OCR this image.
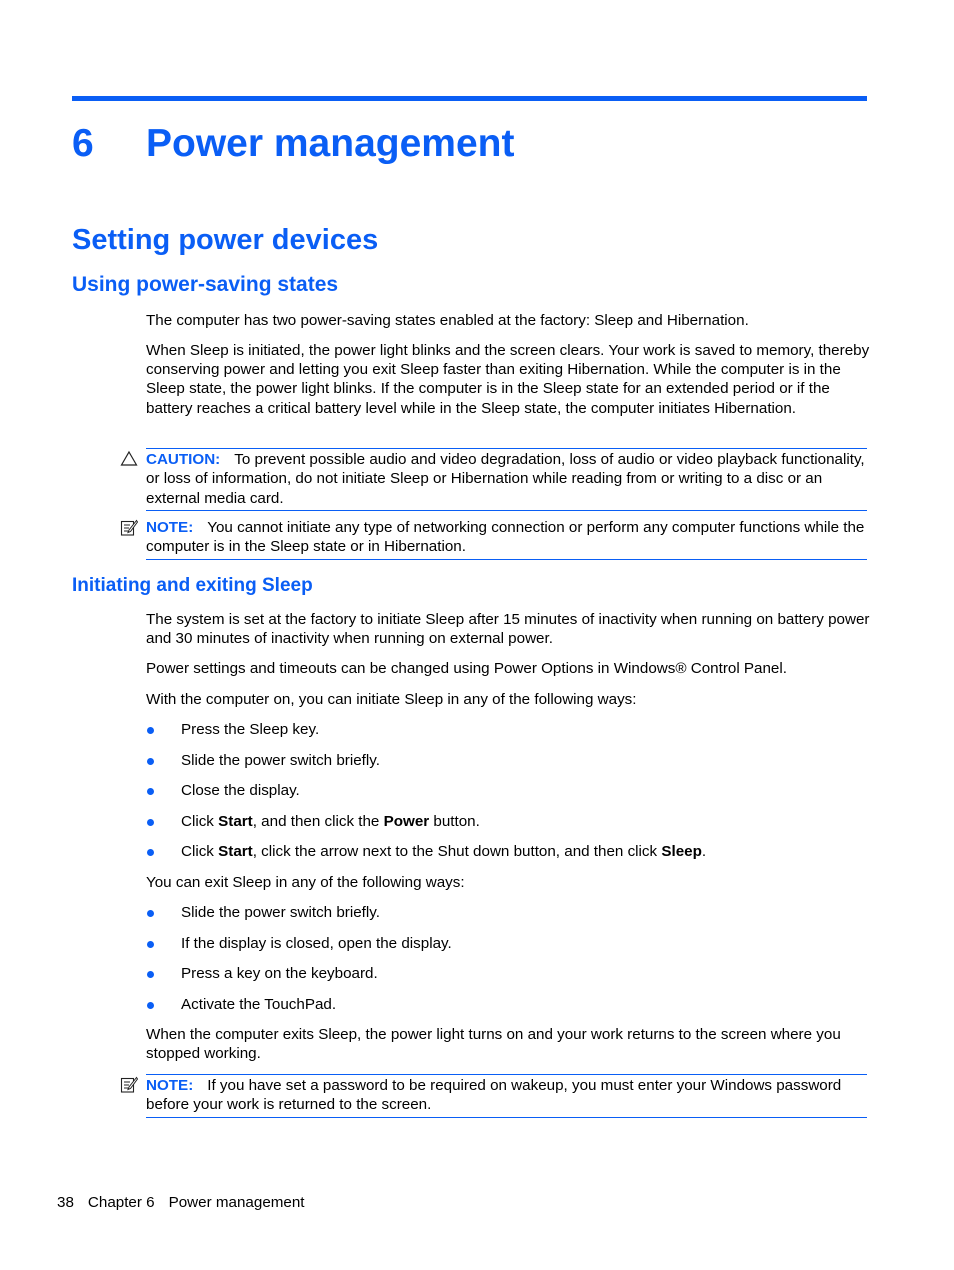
6 Power management
Setting power devices
Using power-saving states
The computer has two power-saving states enabled at the factory: Sleep and Hibernation.
When Sleep is initiated, the power light blinks and the screen clears. Your work is saved to memory, thereby conserving power and letting you exit Sleep faster than exiting Hibernation. While the computer is in the Sleep state, the power light blinks. If the computer is in the Sleep state for an extended period or if the battery reaches a critical battery level while in the Sleep state, the computer initiates Hibernation.
CAUTION: To prevent possible audio and video degradation, loss of audio or video playback functionality, or loss of information, do not initiate Sleep or Hibernation while reading from or writing to a disc or an external media card.
NOTE: You cannot initiate any type of networking connection or perform any computer functions while the computer is in the Sleep state or in Hibernation.
Initiating and exiting Sleep
The system is set at the factory to initiate Sleep after 15 minutes of inactivity when running on battery power and 30 minutes of inactivity when running on external power.
Power settings and timeouts can be changed using Power Options in Windows® Control Panel.
With the computer on, you can initiate Sleep in any of the following ways:
Press the Sleep key.
Slide the power switch briefly.
Close the display.
Click Start, and then click the Power button.
Click Start, click the arrow next to the Shut down button, and then click Sleep.
You can exit Sleep in any of the following ways:
Slide the power switch briefly.
If the display is closed, open the display.
Press a key on the keyboard.
Activate the TouchPad.
When the computer exits Sleep, the power light turns on and your work returns to the screen where you stopped working.
NOTE: If you have set a password to be required on wakeup, you must enter your Windows password before your work is returned to the screen.
38 Chapter 6 Power management
